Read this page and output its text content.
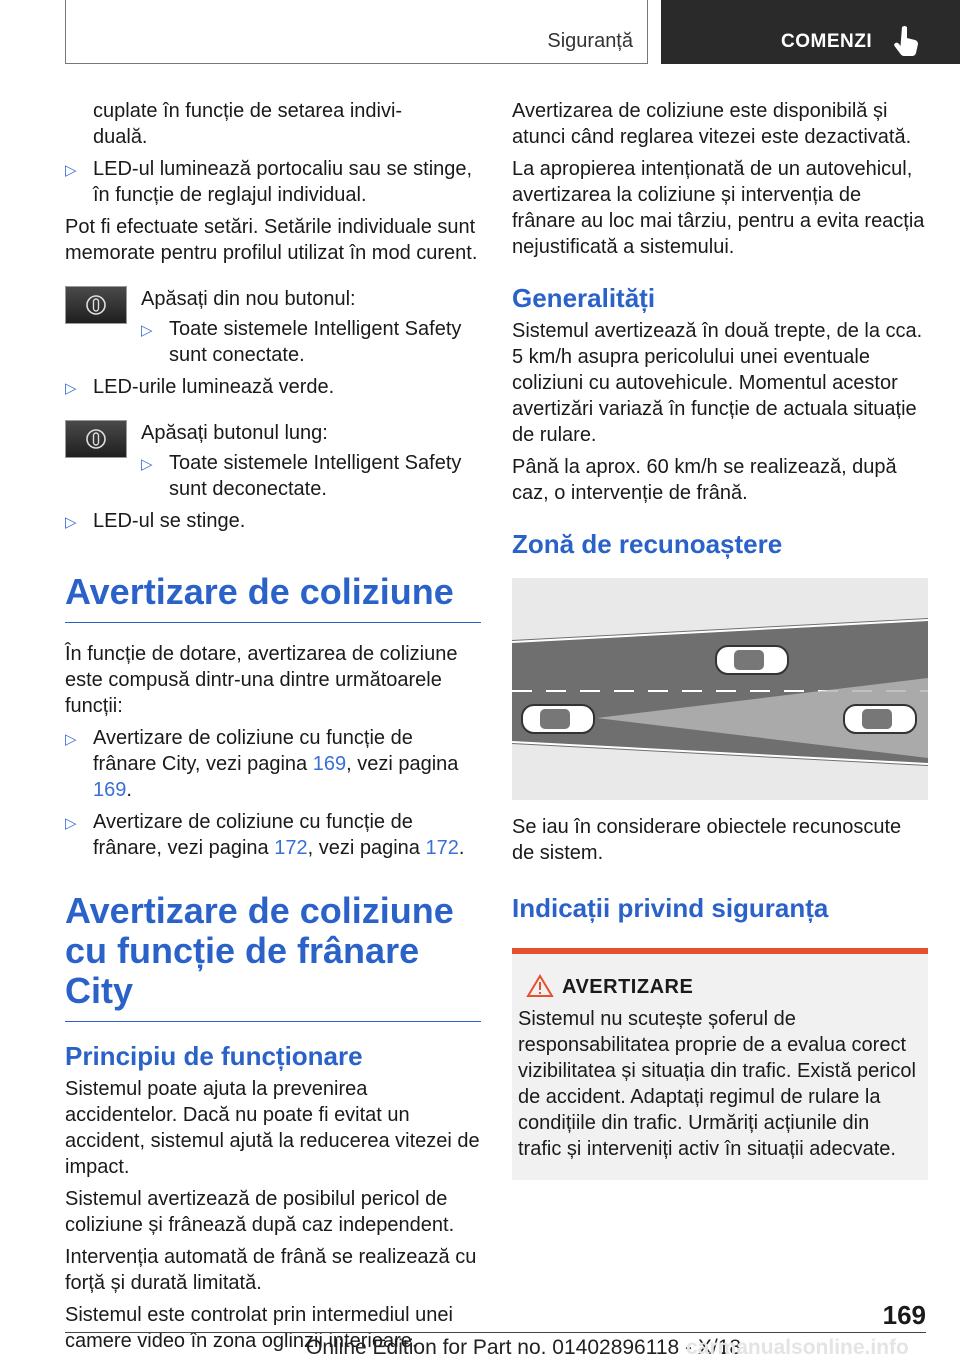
Siguranță	COMENZI

cuplate în funcție de setarea indivi-
duală.

▷ LED-ul luminează portocaliu sau se stinge, în funcție de reglajul individual.

Pot fi efectuate setări. Setările individuale sunt memorate pentru profilul utilizat în mod curent.

Apăsați din nou butonul:

▷ Toate sistemele Intelligent Safety sunt conectate.
▷ LED-urile luminează verde.

Apăsați butonul lung:

▷ Toate sistemele Intelligent Safety sunt deconectate.
▷ LED-ul se stinge.
Avertizare de coliziune

În funcție de dotare, avertizarea de coliziune este compusă dintr-una dintre următoarele funcții:

▷ Avertizare de coliziune cu funcție de frânare City, vezi pagina 169, vezi pagina 169.
▷ Avertizare de coliziune cu funcție de frânare, vezi pagina 172, vezi pagina 172.
Avertizare de coliziune cu funcție de frânare City
Principiu de funcționare

Sistemul poate ajuta la prevenirea accidentelor. Dacă nu poate fi evitat un accident, sistemul ajută la reducerea vitezei de impact.

Sistemul avertizează de posibilul pericol de coliziune și frânează după caz independent.

Intervenția automată de frână se realizează cu forță și durată limitată.

Sistemul este controlat prin intermediul unei camere video în zona oglinzii interioare.

Avertizarea de coliziune este disponibilă și atunci când reglarea vitezei este dezactivată.

La apropierea intenționată de un autovehicul, avertizarea la coliziune și intervenția de frânare au loc mai târziu, pentru a evita reacția nejustificată a sistemului.

Generalități

Sistemul avertizează în două trepte, de la cca. 5 km/h asupra pericolului unei eventuale coliziuni cu autovehicule. Momentul acestor avertizări variază în funcție de actuala situație de rulare.

Până la aprox. 60 km/h se realizează, după caz, o intervenție de frână.

Zonă de recunoaștere

Se iau în considerare obiectele recunoscute de sistem.

Indicații privind siguranța
AVERTIZARE

Sistemul nu scutește șoferul de responsabilitatea proprie de a evalua corect vizibilitatea și situația din trafic. Există pericol de accident. Adaptați regimul de rulare la condițiile din trafic. Urmăriți acțiunile din trafic și interveniți activ în situații adecvate.

169
Online Edition for Part no. 01402896118 - X/18
carmanualsonline.info
